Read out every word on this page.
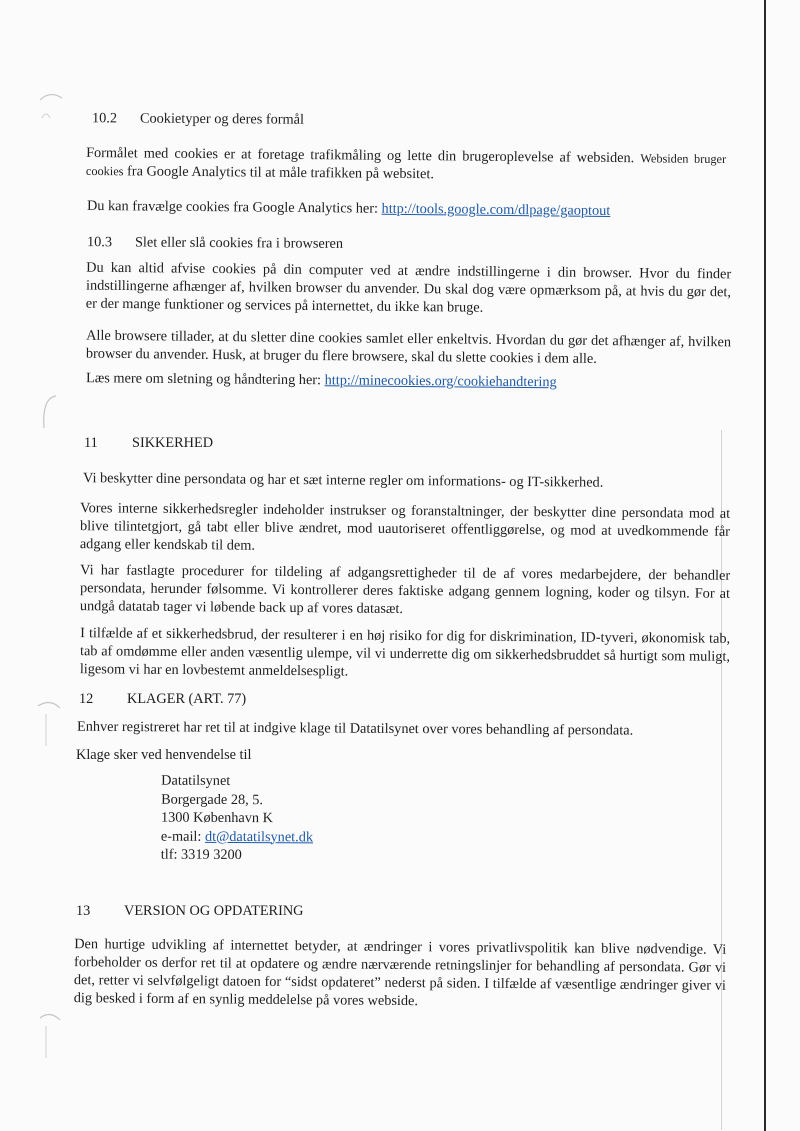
10.2	Cookietyper og deres formål

Formålet med cookies er at foretage trafikmåling og lette din brugeroplevelse af websiden. Websiden bruger cookies fra Google Analytics til at måle trafikken på websitet.

Du kan fravælge cookies fra Google Analytics her: http://tools.google.com/dlpage/gaoptout
10.3	Slet eller slå cookies fra i browseren

Du kan altid afvise cookies på din computer ved at ændre indstillingerne i din browser. Hvor du finder indstillingerne afhænger af, hvilken browser du anvender. Du skal dog være opmærksom på, at hvis du gør det, er der mange funktioner og services på internettet, du ikke kan bruge.

Alle browsere tillader, at du sletter dine cookies samlet eller enkeltvis. Hvordan du gør det afhænger af, hvilken browser du anvender. Husk, at bruger du flere browsere, skal du slette cookies i dem alle.

Læs mere om sletning og håndtering her: http://minecookies.org/cookiehandtering
11	SIKKERHED

Vi beskytter dine persondata og har et sæt interne regler om informations- og IT-sikkerhed.

Vores interne sikkerhedsregler indeholder instrukser og foranstaltninger, der beskytter dine persondata mod at blive tilintetgjort, gå tabt eller blive ændret, mod uautoriseret offentliggørelse, og mod at uvedkommende får adgang eller kendskab til dem.

Vi har fastlagte procedurer for tildeling af adgangsrettigheder til de af vores medarbejdere, der behandler persondata, herunder følsomme. Vi kontrollerer deres faktiske adgang gennem logning, koder og tilsyn. For at undgå datatab tager vi løbende back up af vores datasæt.

I tilfælde af et sikkerhedsbrud, der resulterer i en høj risiko for dig for diskrimination, ID-tyveri, økonomisk tab, tab af omdømme eller anden væsentlig ulempe, vil vi underrette dig om sikkerhedsbruddet så hurtigt som muligt, ligesom vi har en lovbestemt anmeldelsespligt.

12	KLAGER (ART. 77)

Enhver registreret har ret til at indgive klage til Datatilsynet over vores behandling af persondata.

Klage sker ved henvendelse til

Datatilsynet
Borgergade 28, 5.
1300 København K
e-mail: dt@datatilsynet.dk
tlf: 3319 3200
13	VERSION OG OPDATERING

Den hurtige udvikling af internettet betyder, at ændringer i vores privatlivspolitik kan blive nødvendige. Vi forbeholder os derfor ret til at opdatere og ændre nærværende retningslinjer for behandling af persondata. Gør vi det, retter vi selvfølgeligt datoen for “sidst opdateret” nederst på siden. I tilfælde af væsentlige ændringer giver vi dig besked i form af en synlig meddelelse på vores webside.
